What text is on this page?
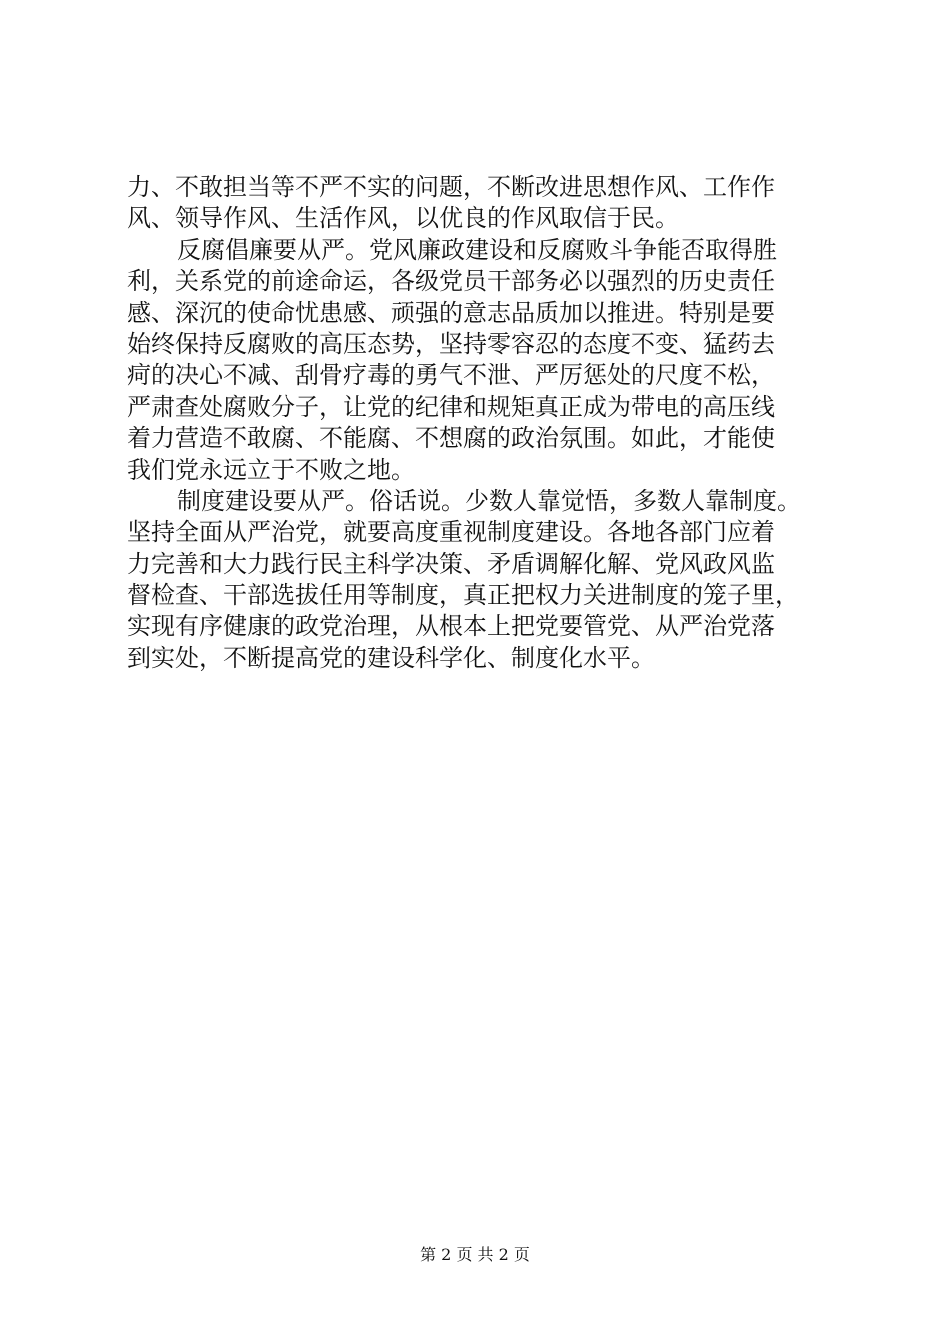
力、不敢担当等不严不实的问题，不断改进思想作风、工作作
风、领导作风、生活作风，以优良的作风取信于民。
反腐倡廉要从严。党风廉政建设和反腐败斗争能否取得胜
利，关系党的前途命运，各级党员干部务必以强烈的历史责任
感、深沉的使命忧患感、顽强的意志品质加以推进。特别是要
始终保持反腐败的高压态势，坚持零容忍的态度不变、猛药去
疴的决心不减、刮骨疗毒的勇气不泄、严厉惩处的尺度不松，
严肃查处腐败分子，让党的纪律和规矩真正成为带电的高压线
着力营造不敢腐、不能腐、不想腐的政治氛围。如此，才能使
我们党永远立于不败之地。
制度建设要从严。俗话说。少数人靠觉悟，多数人靠制度。
坚持全面从严治党，就要高度重视制度建设。各地各部门应着
力完善和大力践行民主科学决策、矛盾调解化解、党风政风监
督检查、干部选拔任用等制度，真正把权力关进制度的笼子里，
实现有序健康的政党治理，从根本上把党要管党、从严治党落
到实处，不断提高党的建设科学化、制度化水平。
第 2 页 共 2 页
